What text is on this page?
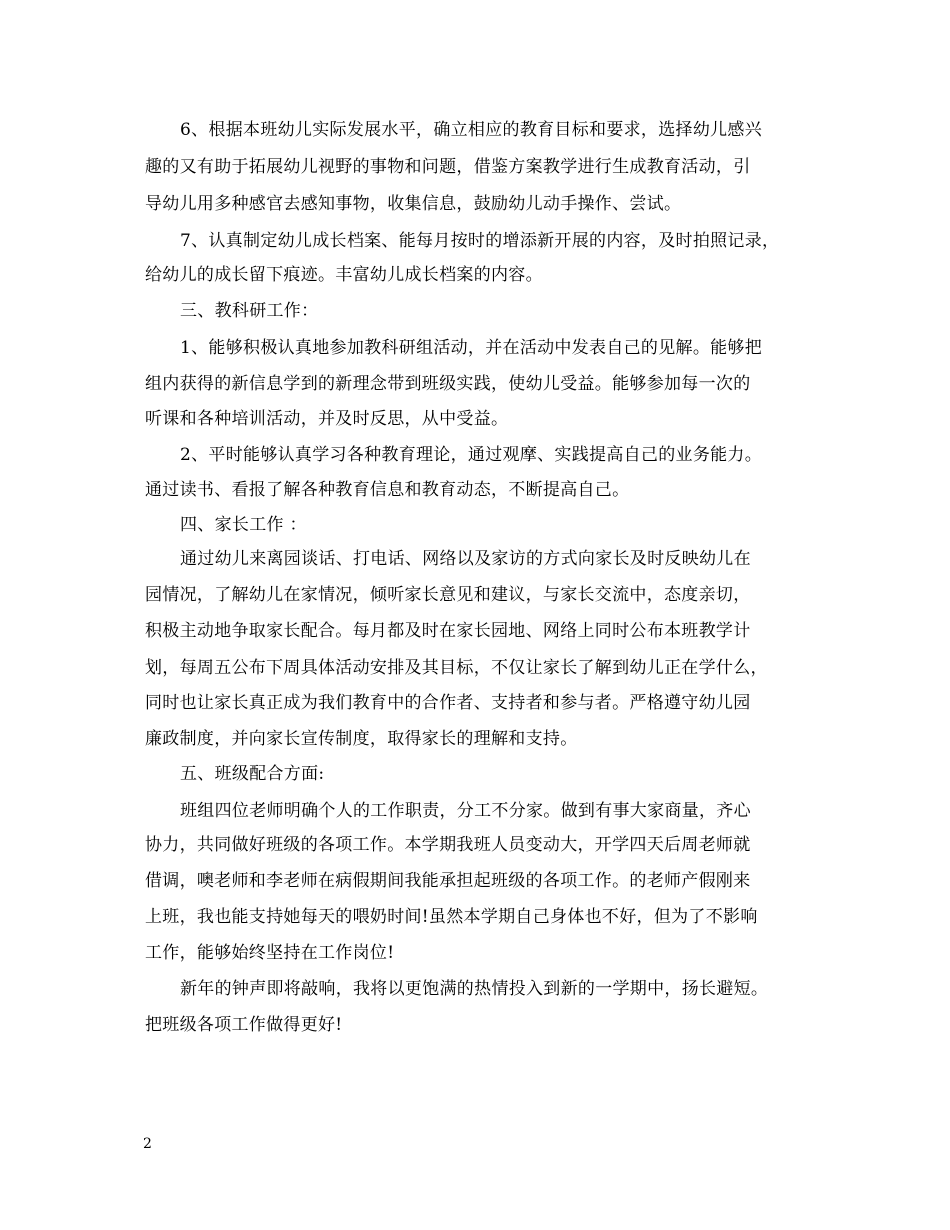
6、根据本班幼儿实际发展水平，确立相应的教育目标和要求，选择幼儿感兴
趣的又有助于拓展幼儿视野的事物和问题，借鉴方案教学进行生成教育活动，引
导幼儿用多种感官去感知事物，收集信息，鼓励幼儿动手操作、尝试。
7、认真制定幼儿成长档案、能每月按时的增添新开展的内容，及时拍照记录，
给幼儿的成长留下痕迹。丰富幼儿成长档案的内容。
三、教科研工作：
1、能够积极认真地参加教科研组活动，并在活动中发表自己的见解。能够把
组内获得的新信息学到的新理念带到班级实践，使幼儿受益。能够参加每一次的
听课和各种培训活动，并及时反思，从中受益。
2、平时能够认真学习各种教育理论，通过观摩、实践提高自己的业务能力。
通过读书、看报了解各种教育信息和教育动态，不断提高自己。
四、家长工作 ：
通过幼儿来离园谈话、打电话、网络以及家访的方式向家长及时反映幼儿在
园情况，了解幼儿在家情况，倾听家长意见和建议，与家长交流中，态度亲切，
积极主动地争取家长配合。每月都及时在家长园地、网络上同时公布本班教学计
划，每周五公布下周具体活动安排及其目标，不仅让家长了解到幼儿正在学什么，
同时也让家长真正成为我们教育中的合作者、支持者和参与者。严格遵守幼儿园
廉政制度，并向家长宣传制度，取得家长的理解和支持。
五、班级配合方面:
班组四位老师明确个人的工作职责，分工不分家。做到有事大家商量，齐心
协力，共同做好班级的各项工作。本学期我班人员变动大，开学四天后周老师就
借调，噢老师和李老师在病假期间我能承担起班级的各项工作。的老师产假刚来
上班，我也能支持她每天的喂奶时间!虽然本学期自己身体也不好，但为了不影响
工作，能够始终坚持在工作岗位!
新年的钟声即将敲响，我将以更饱满的热情投入到新的一学期中，扬长避短。
把班级各项工作做得更好!
2
